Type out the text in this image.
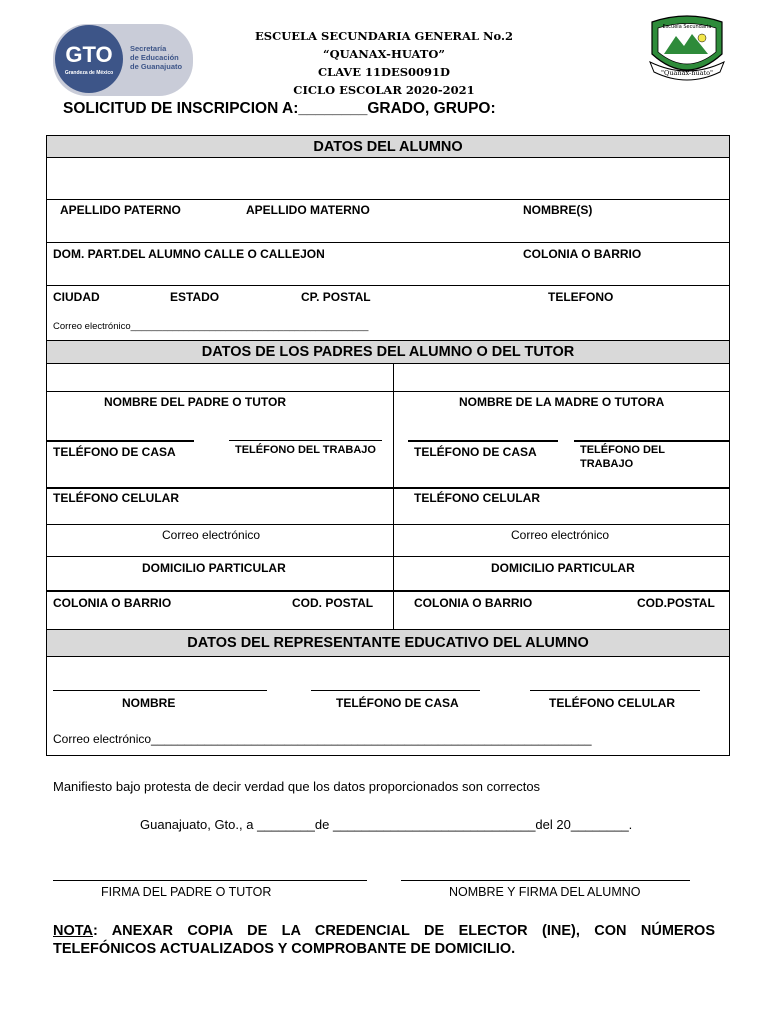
GTO
Grandeza de México
Secretaría
de Educación
de Guanajuato
ESCUELA SECUNDARIA GENERAL No.2
“QUANAX-HUATO”
CLAVE 11DES0091D
CICLO ESCOLAR 2020-2021
Escuela Secundaria
"Quanax-huato"
SOLICITUD DE INSCRIPCION A:________GRADO, GRUPO:
DATOS DEL ALUMNO
APELLIDO PATERNO	APELLIDO MATERNO	NOMBRE(S)
DOM. PART.DEL ALUMNO CALLE O CALLEJON	COLONIA O BARRIO
CIUDAD	ESTADO	CP. POSTAL	TELEFONO
Correo electrónico_____________________________________________
DATOS DE LOS PADRES DEL ALUMNO O DEL TUTOR
NOMBRE DEL PADRE O TUTOR	NOMBRE DE LA MADRE O TUTORA
TELÉFONO DE CASA	TELÉFONO DEL TRABAJO	TELÉFONO DE CASA	TELÉFONO DEL
TRABAJO
TELÉFONO CELULAR	TELÉFONO CELULAR
Correo electrónico	Correo electrónico
DOMICILIO PARTICULAR	DOMICILIO PARTICULAR
COLONIA O BARRIO	COD. POSTAL	COLONIA O BARRIO	COD.POSTAL
DATOS DEL REPRESENTANTE EDUCATIVO DEL ALUMNO
NOMBRE	TELÉFONO DE CASA	TELÉFONO CELULAR
Correo electrónico__________________________________________________________________
Manifiesto bajo protesta de decir verdad que los datos proporcionados son correctos
Guanajuato, Gto., a ________de ____________________________del 20________.
FIRMA DEL PADRE O TUTOR	NOMBRE Y FIRMA DEL ALUMNO
NOTA: ANEXAR COPIA DE LA CREDENCIAL DE ELECTOR (INE), CON NÚMEROS TELEFÓNICOS ACTUALIZADOS Y COMPROBANTE DE DOMICILIO.
